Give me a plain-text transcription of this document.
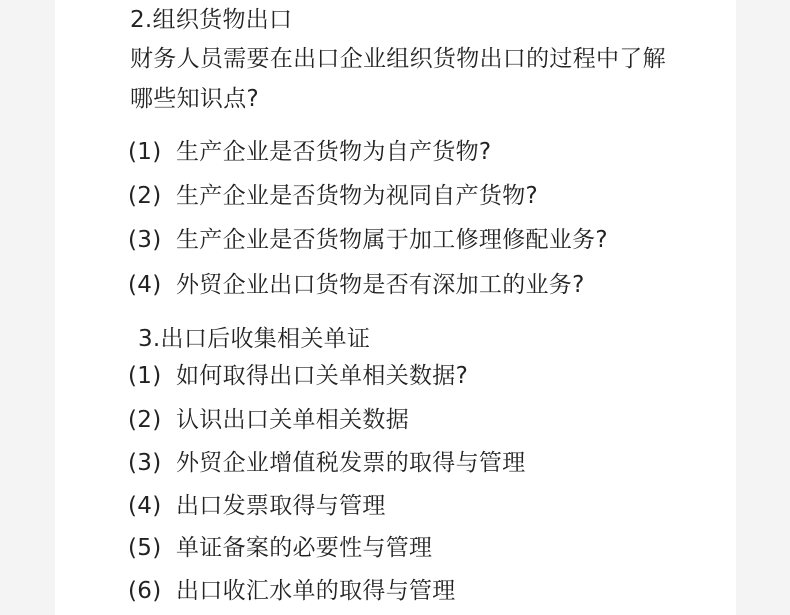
2.组织货物出口

财务人员需要在出口企业组织货物出口的过程中了解

哪些知识点?

(1) 生产企业是否货物为自产货物?

(2) 生产企业是否货物为视同自产货物?

(3) 生产企业是否货物属于加工修理修配业务?

(4) 外贸企业出口货物是否有深加工的业务?

3.出口后收集相关单证

(1) 如何取得出口关单相关数据?

(2) 认识出口关单相关数据

(3) 外贸企业增值税发票的取得与管理

(4) 出口发票取得与管理

(5) 单证备案的必要性与管理

(6) 出口收汇水单的取得与管理
